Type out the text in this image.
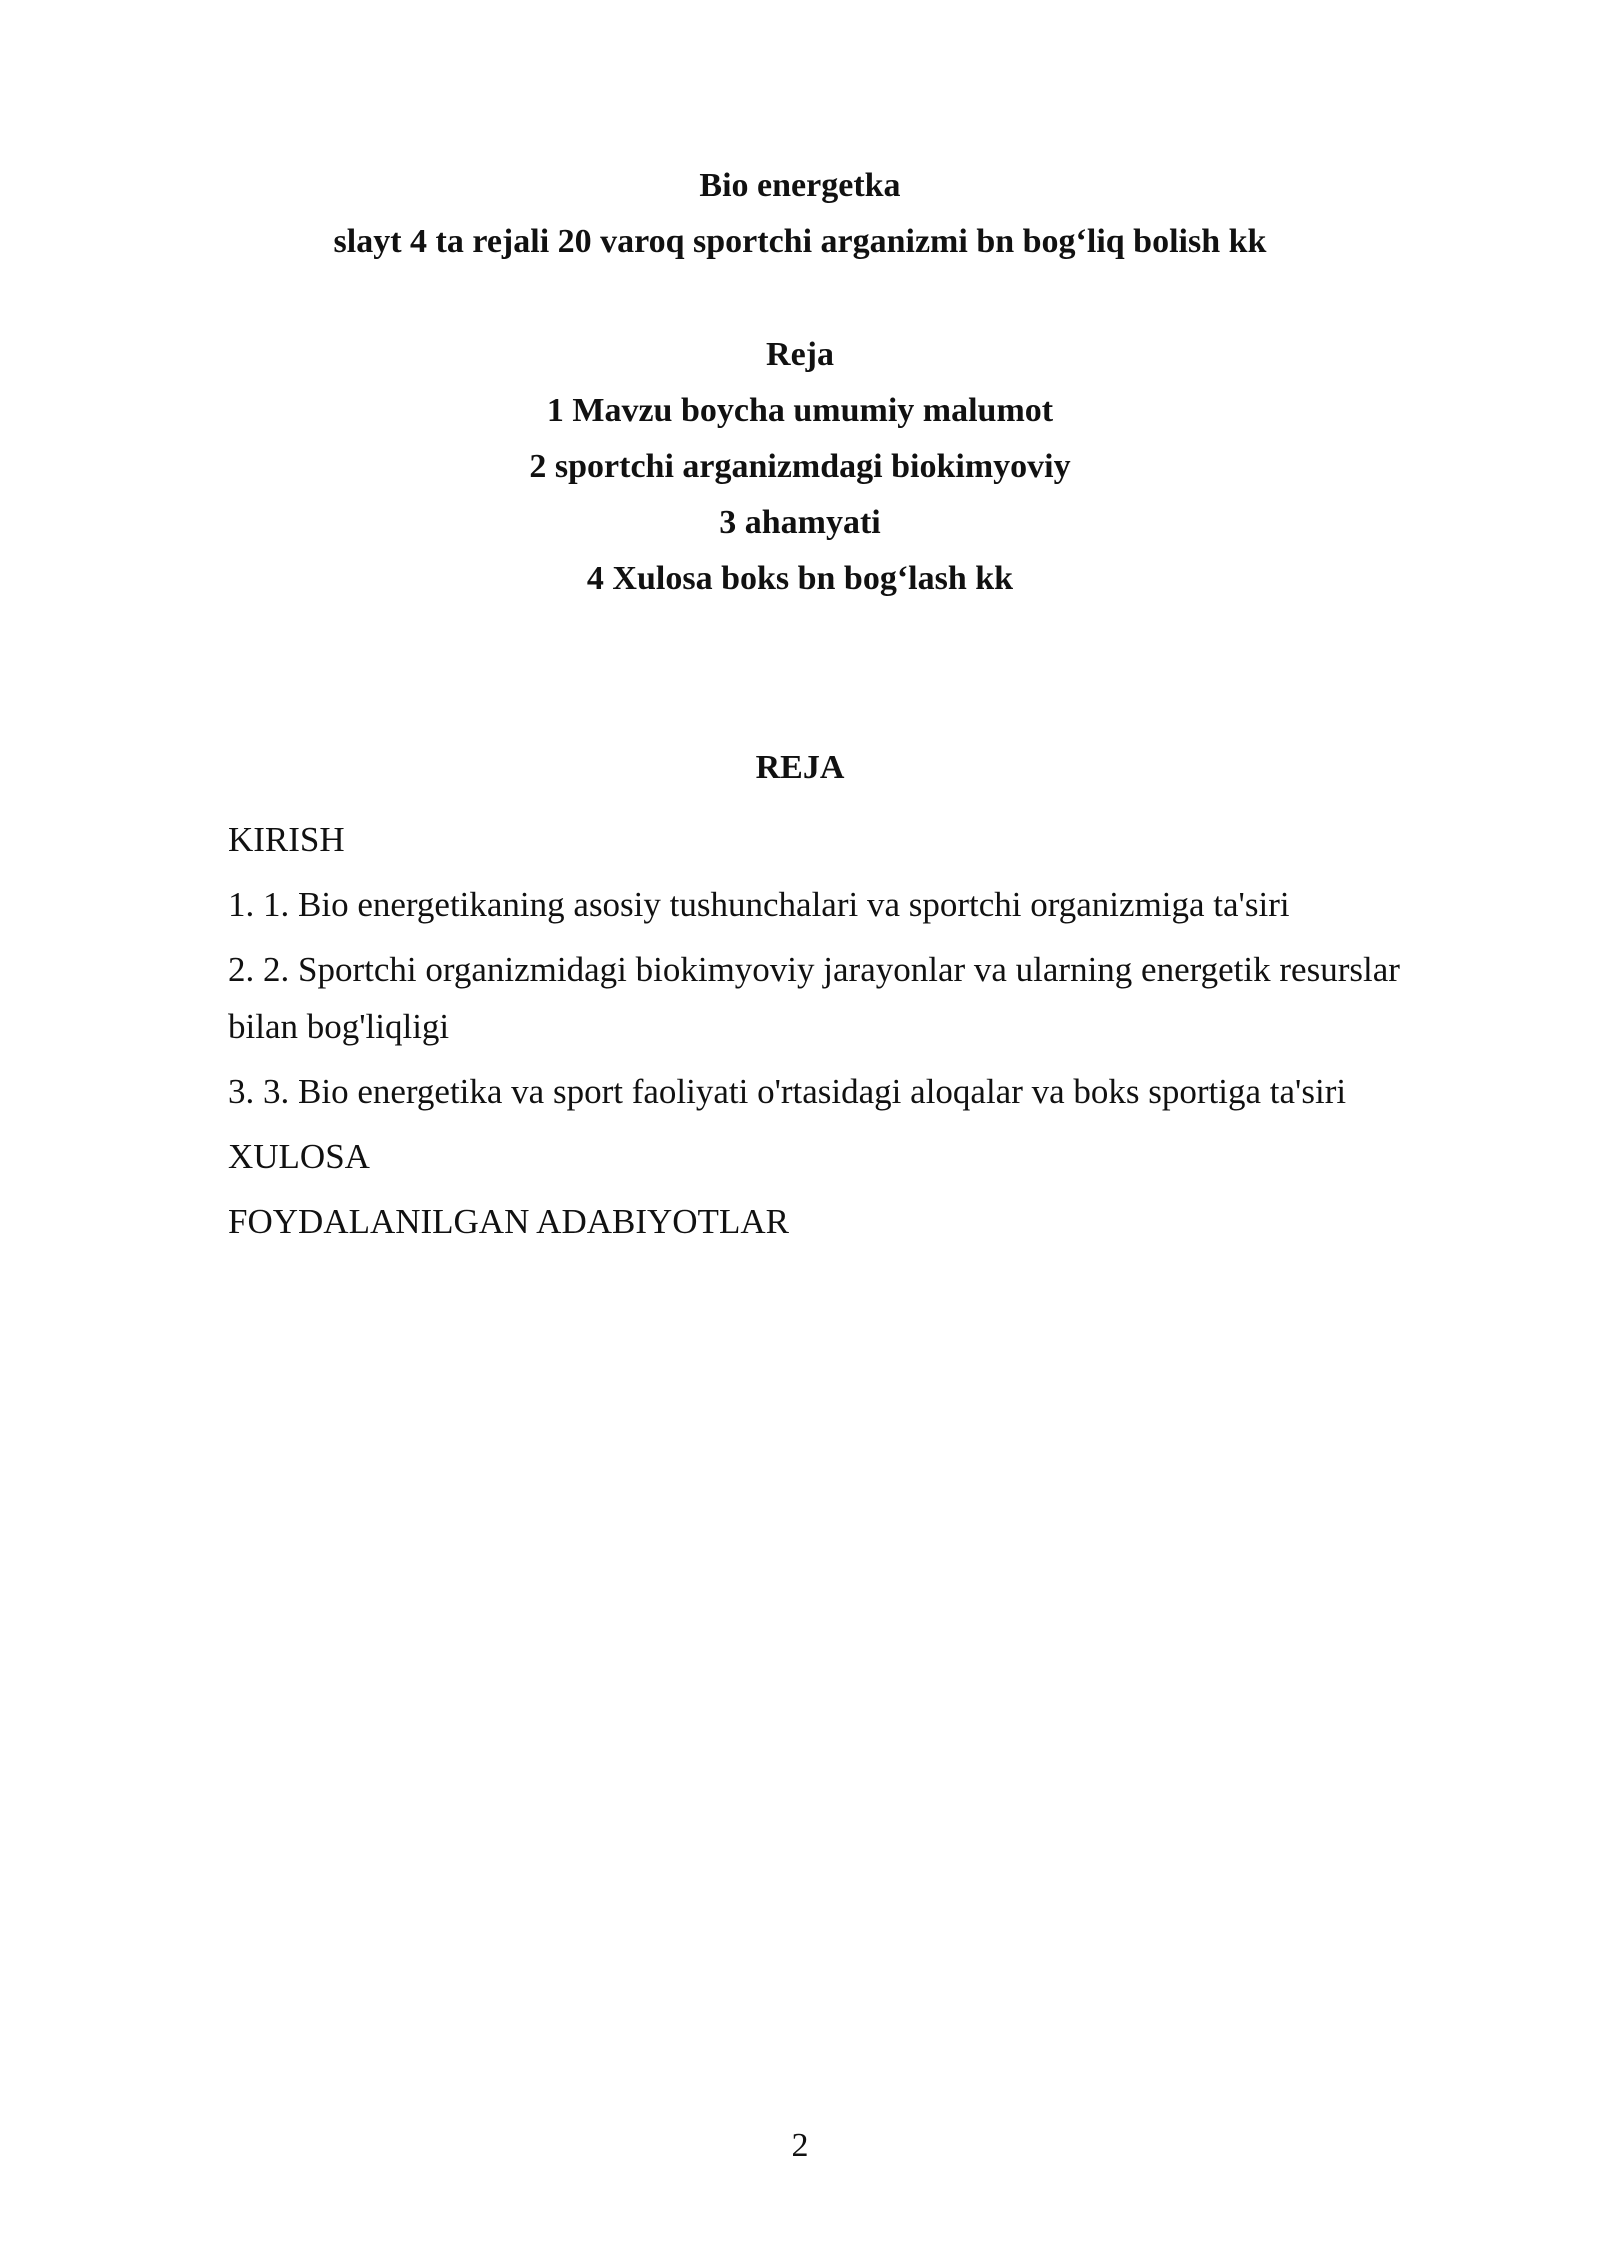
Bio energetka
slayt 4 ta rejali 20 varoq sportchi arganizmi bn bog‘liq bolish kk
Reja
1 Mavzu boycha umumiy malumot
2 sportchi arganizmdagi biokimyoviy
3 ahamyati
4 Xulosa boks bn bog‘lash kk
REJA
KIRISH
1. 1. Bio energetikaning asosiy tushunchalari va sportchi organizmiga ta'siri
2. 2. Sportchi organizmidagi biokimyoviy jarayonlar va ularning energetik resurslar bilan bog'liqligi
3. 3. Bio energetika va sport faoliyati o'rtasidagi aloqalar va boks sportiga ta'siri
XULOSA
FOYDALANILGAN ADABIYOTLAR
2
